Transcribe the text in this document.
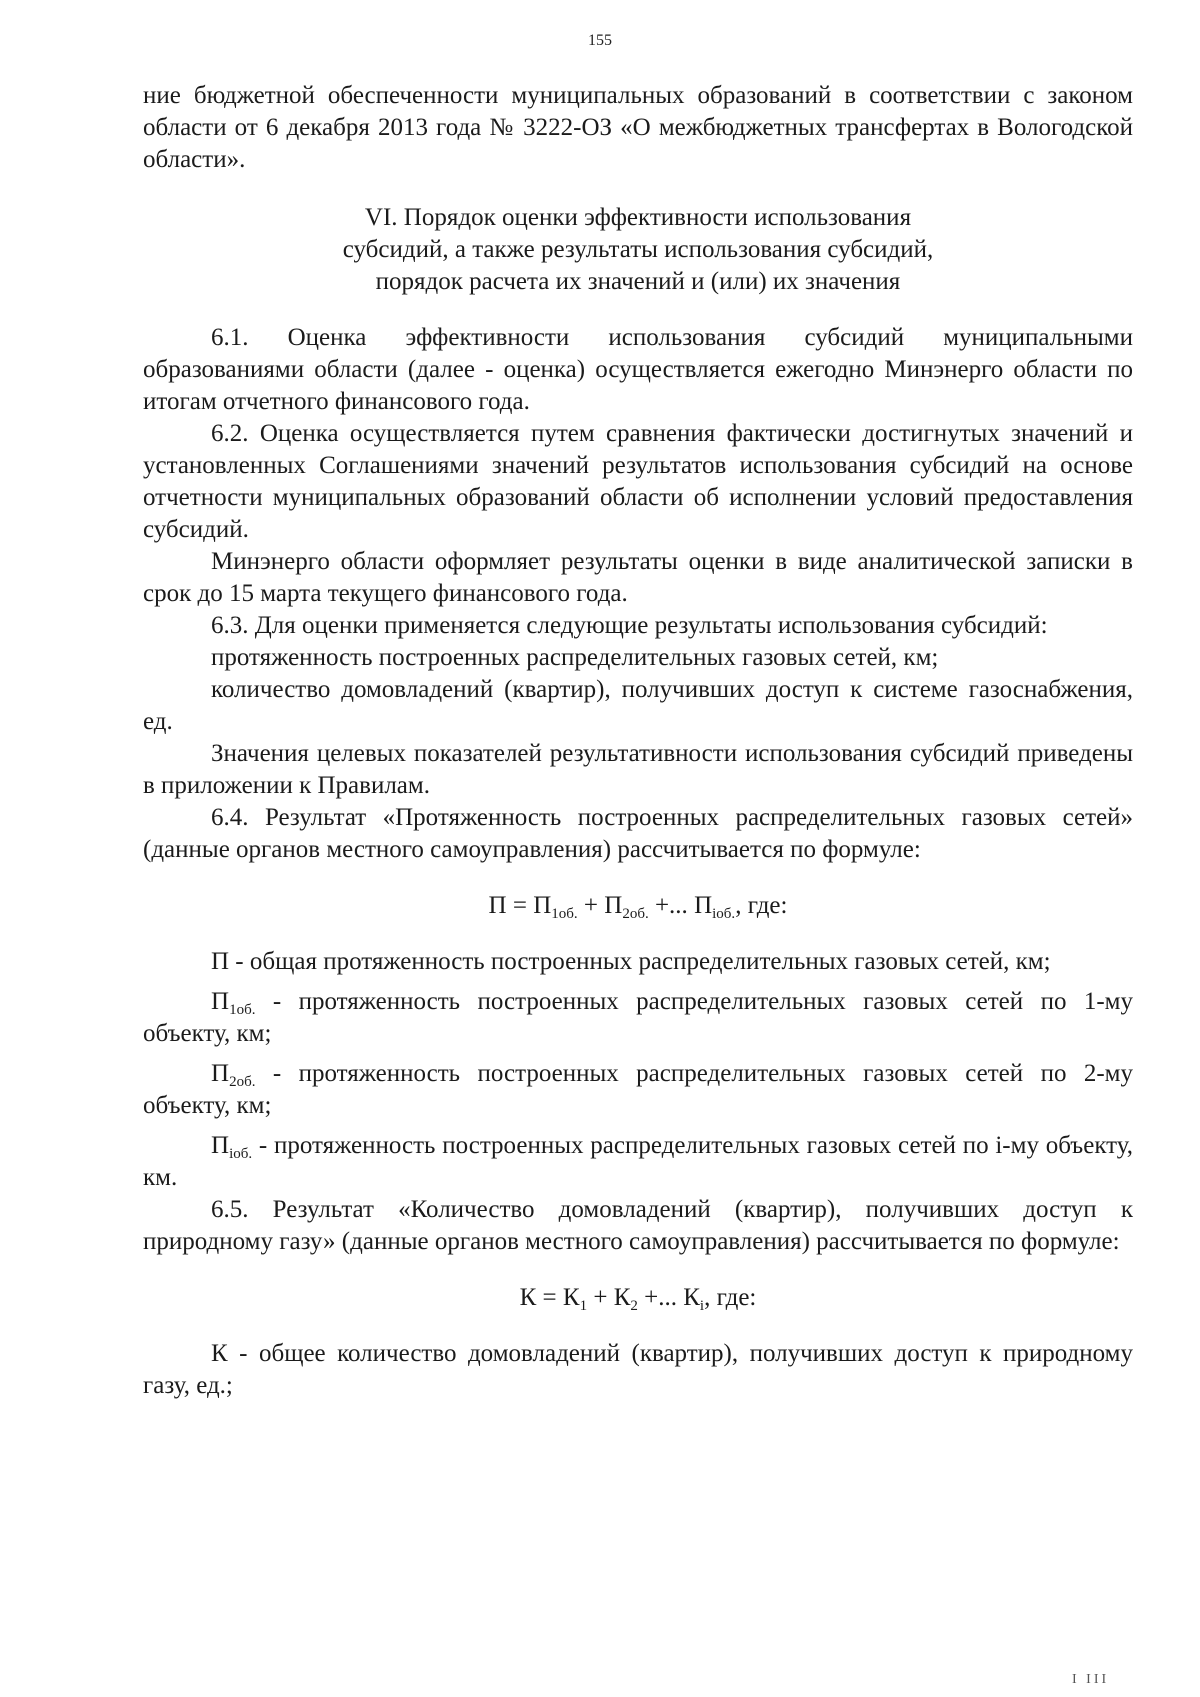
155

ние бюджетной обеспеченности муниципальных образований в соответствии с законом области от 6 декабря 2013 года № 3222-ОЗ «О межбюджетных трансфертах в Вологодской области».

VI. Порядок оценки эффективности использования
субсидий, а также результаты использования субсидий,
порядок расчета их значений и (или) их значения

6.1. Оценка эффективности использования субсидий муниципальными образованиями области (далее - оценка) осуществляется ежегодно Минэнерго области по итогам отчетного финансового года.

6.2. Оценка осуществляется путем сравнения фактически достигнутых значений и установленных Соглашениями значений результатов использования субсидий на основе отчетности муниципальных образований области об исполнении условий предоставления субсидий.

Минэнерго области оформляет результаты оценки в виде аналитической записки в срок до 15 марта текущего финансового года.

6.3. Для оценки применяется следующие результаты использования субсидий:

протяженность построенных распределительных газовых сетей, км;

количество домовладений (квартир), получивших доступ к системе газоснабжения, ед.

Значения целевых показателей результативности использования субсидий приведены в приложении к Правилам.

6.4. Результат «Протяженность построенных распределительных газовых сетей» (данные органов местного самоуправления) рассчитывается по формуле:

$П = П_{1об.} + П_{2об.}$ +... $П_{iоб.}$, где:

П - общая протяженность построенных распределительных газовых сетей, км;

$П_{1об.}$ - протяженность построенных распределительных газовых сетей по 1-му объекту, км;

$П_{2об.}$ - протяженность построенных распределительных газовых сетей по 2-му объекту, км;

$П_{iоб.}$ - протяженность построенных распределительных газовых сетей по i-му объекту, км.

6.5. Результат «Количество домовладений (квартир), получивших доступ к природному газу» (данные органов местного самоуправления) рассчитывается по формуле:

$К = К_1 + К_2$ +... $К_i$, где:

К - общее количество домовладений (квартир), получивших доступ к природному газу, ед.;

I III
